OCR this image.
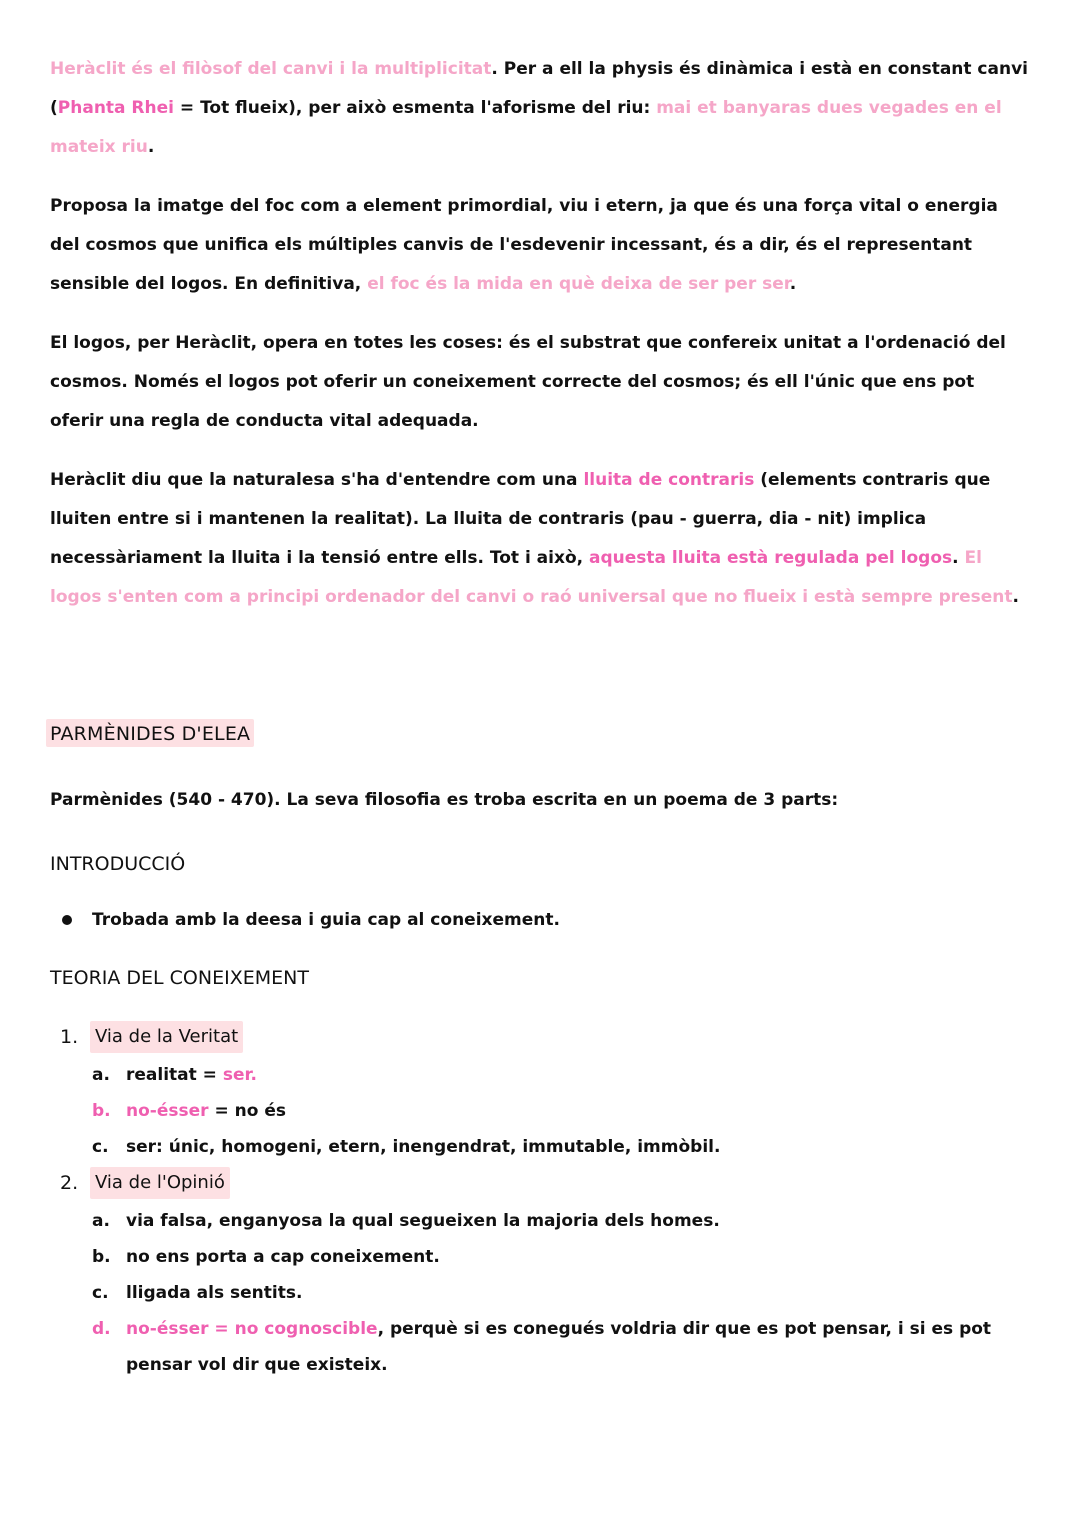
Heràclit és el filòsof del canvi i la multiplicitat. Per a ell la physis és dinàmica i està en constant canvi (Phanta Rhei = Tot flueix), per això esmenta l'aforisme del riu: mai et banyaras dues vegades en el mateix riu.

Proposa la imatge del foc com a element primordial, viu i etern, ja que és una força vital o energia del cosmos que unifica els múltiples canvis de l'esdevenir incessant, és a dir, és el representant sensible del logos. En definitiva, el foc és la mida en què deixa de ser per ser.

El logos, per Heràclit, opera en totes les coses: és el substrat que confereix unitat a l'ordenació del cosmos. Només el logos pot oferir un coneixement correcte del cosmos; és ell l'únic que ens pot oferir una regla de conducta vital adequada.

Heràclit diu que la naturalesa s'ha d'entendre com una lluita de contraris (elements contraris que lluiten entre si i mantenen la realitat). La lluita de contraris (pau - guerra, dia - nit) implica necessàriament la lluita i la tensió entre ells. Tot i això, aquesta lluita està regulada pel logos. El logos s'enten com a principi ordenador del canvi o raó universal que no flueix i està sempre present.

PARMÈNIDES D'ELEA
Parmènides (540 - 470). La seva filosofia es troba escrita en un poema de 3 parts:
INTRODUCCIÓ
Trobada amb la deesa i guia cap al coneixement.
TEORIA DEL CONEIXEMENT
1. Via de la Veritat
a. realitat = ser.
b. no-ésser = no és
c.	ser: únic, homogeni, etern, inengendrat, immutable, immòbil.
2. Via de l'Opinió
a. via falsa, enganyosa la qual segueixen la majoria dels homes.
b. no ens porta a cap coneixement.
c.	lligada als sentits.
d. no-ésser = no cognoscible, perquè si es conegués voldria dir que es pot pensar, i si es pot pensar vol dir que existeix.
